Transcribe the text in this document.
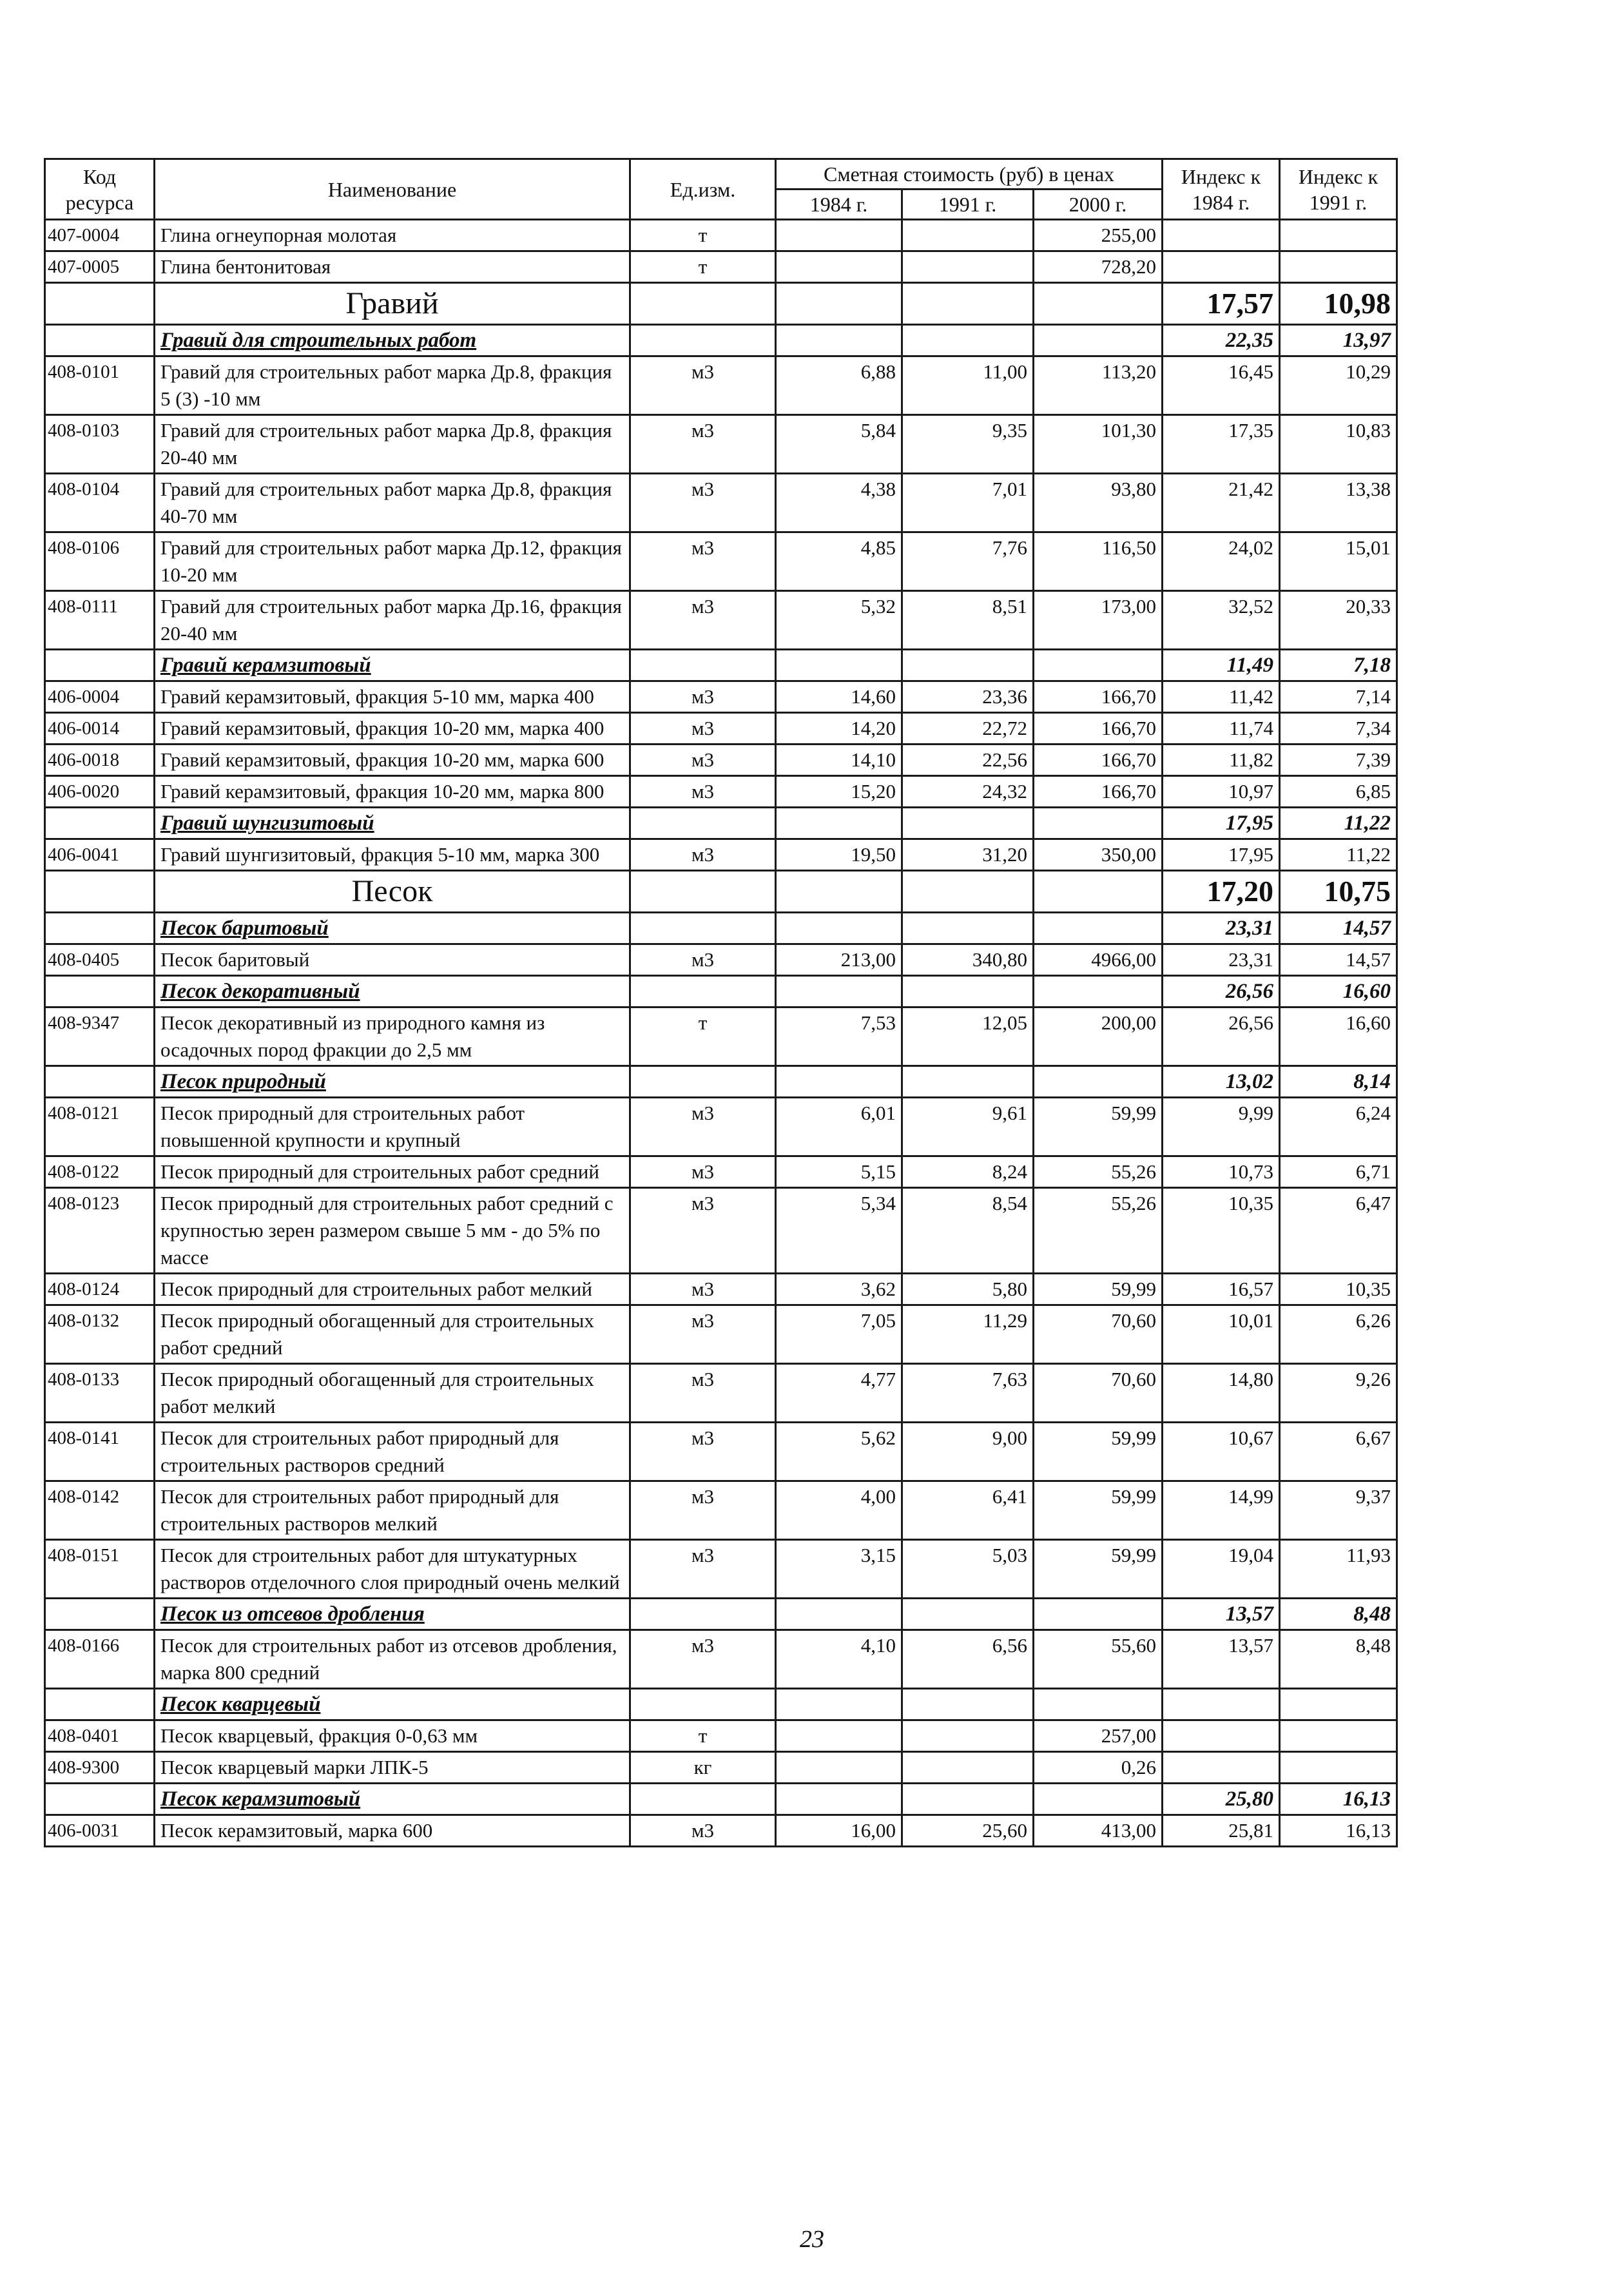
Код ресурса	Наименование	Ед.изм.	Сметная стоимость (руб) в ценах			Индекс к 1984 г.	Индекс к 1991 г.
			1984 г.	1991 г.	2000 г.		
407-0004	Глина огнеупорная молотая	т			255,00		
407-0005	Глина бентонитовая	т			728,20		
	Гравий					17,57	10,98
	Гравий для строительных работ					22,35	13,97
408-0101	Гравий для строительных работ марка Др.8, фракция 5 (3) -10 мм	м3	6,88	11,00	113,20	16,45	10,29
408-0103	Гравий для строительных работ марка Др.8, фракция 20-40 мм	м3	5,84	9,35	101,30	17,35	10,83
408-0104	Гравий для строительных работ марка Др.8, фракция 40-70 мм	м3	4,38	7,01	93,80	21,42	13,38
408-0106	Гравий для строительных работ марка Др.12, фракция 10-20 мм	м3	4,85	7,76	116,50	24,02	15,01
408-0111	Гравий для строительных работ марка Др.16, фракция 20-40 мм	м3	5,32	8,51	173,00	32,52	20,33
	Гравий керамзитовый					11,49	7,18
406-0004	Гравий керамзитовый, фракция 5-10 мм, марка 400	м3	14,60	23,36	166,70	11,42	7,14
406-0014	Гравий керамзитовый, фракция 10-20 мм, марка 400	м3	14,20	22,72	166,70	11,74	7,34
406-0018	Гравий керамзитовый, фракция 10-20 мм, марка 600	м3	14,10	22,56	166,70	11,82	7,39
406-0020	Гравий керамзитовый, фракция 10-20 мм, марка 800	м3	15,20	24,32	166,70	10,97	6,85
	Гравий шунгизитовый					17,95	11,22
406-0041	Гравий шунгизитовый, фракция 5-10 мм, марка 300	м3	19,50	31,20	350,00	17,95	11,22
	Песок					17,20	10,75
	Песок баритовый					23,31	14,57
408-0405	Песок баритовый	м3	213,00	340,80	4966,00	23,31	14,57
	Песок декоративный					26,56	16,60
408-9347	Песок декоративный из природного камня из осадочных пород фракции до 2,5 мм	т	7,53	12,05	200,00	26,56	16,60
	Песок природный					13,02	8,14
408-0121	Песок природный для строительных работ повышенной крупности и крупный	м3	6,01	9,61	59,99	9,99	6,24
408-0122	Песок природный для строительных работ средний	м3	5,15	8,24	55,26	10,73	6,71
408-0123	Песок природный для строительных работ средний с крупностью зерен размером свыше 5 мм - до 5% по массе	м3	5,34	8,54	55,26	10,35	6,47
408-0124	Песок природный для строительных работ мелкий	м3	3,62	5,80	59,99	16,57	10,35
408-0132	Песок природный обогащенный для строительных работ средний	м3	7,05	11,29	70,60	10,01	6,26
408-0133	Песок природный обогащенный для строительных работ мелкий	м3	4,77	7,63	70,60	14,80	9,26
408-0141	Песок для строительных работ природный для строительных растворов средний	м3	5,62	9,00	59,99	10,67	6,67
408-0142	Песок для строительных работ природный для строительных растворов мелкий	м3	4,00	6,41	59,99	14,99	9,37
408-0151	Песок для строительных работ для штукатурных растворов отделочного слоя природный очень мелкий	м3	3,15	5,03	59,99	19,04	11,93
	Песок из отсевов дробления					13,57	8,48
408-0166	Песок для строительных работ из отсевов дробления, марка 800 средний	м3	4,10	6,56	55,60	13,57	8,48
	Песок кварцевый						
408-0401	Песок кварцевый, фракция 0-0,63 мм	т			257,00		
408-9300	Песок кварцевый марки ЛПК-5	кг			0,26		
	Песок керамзитовый					25,80	16,13
406-0031	Песок керамзитовый, марка 600	м3	16,00	25,60	413,00	25,81	16,13
23
